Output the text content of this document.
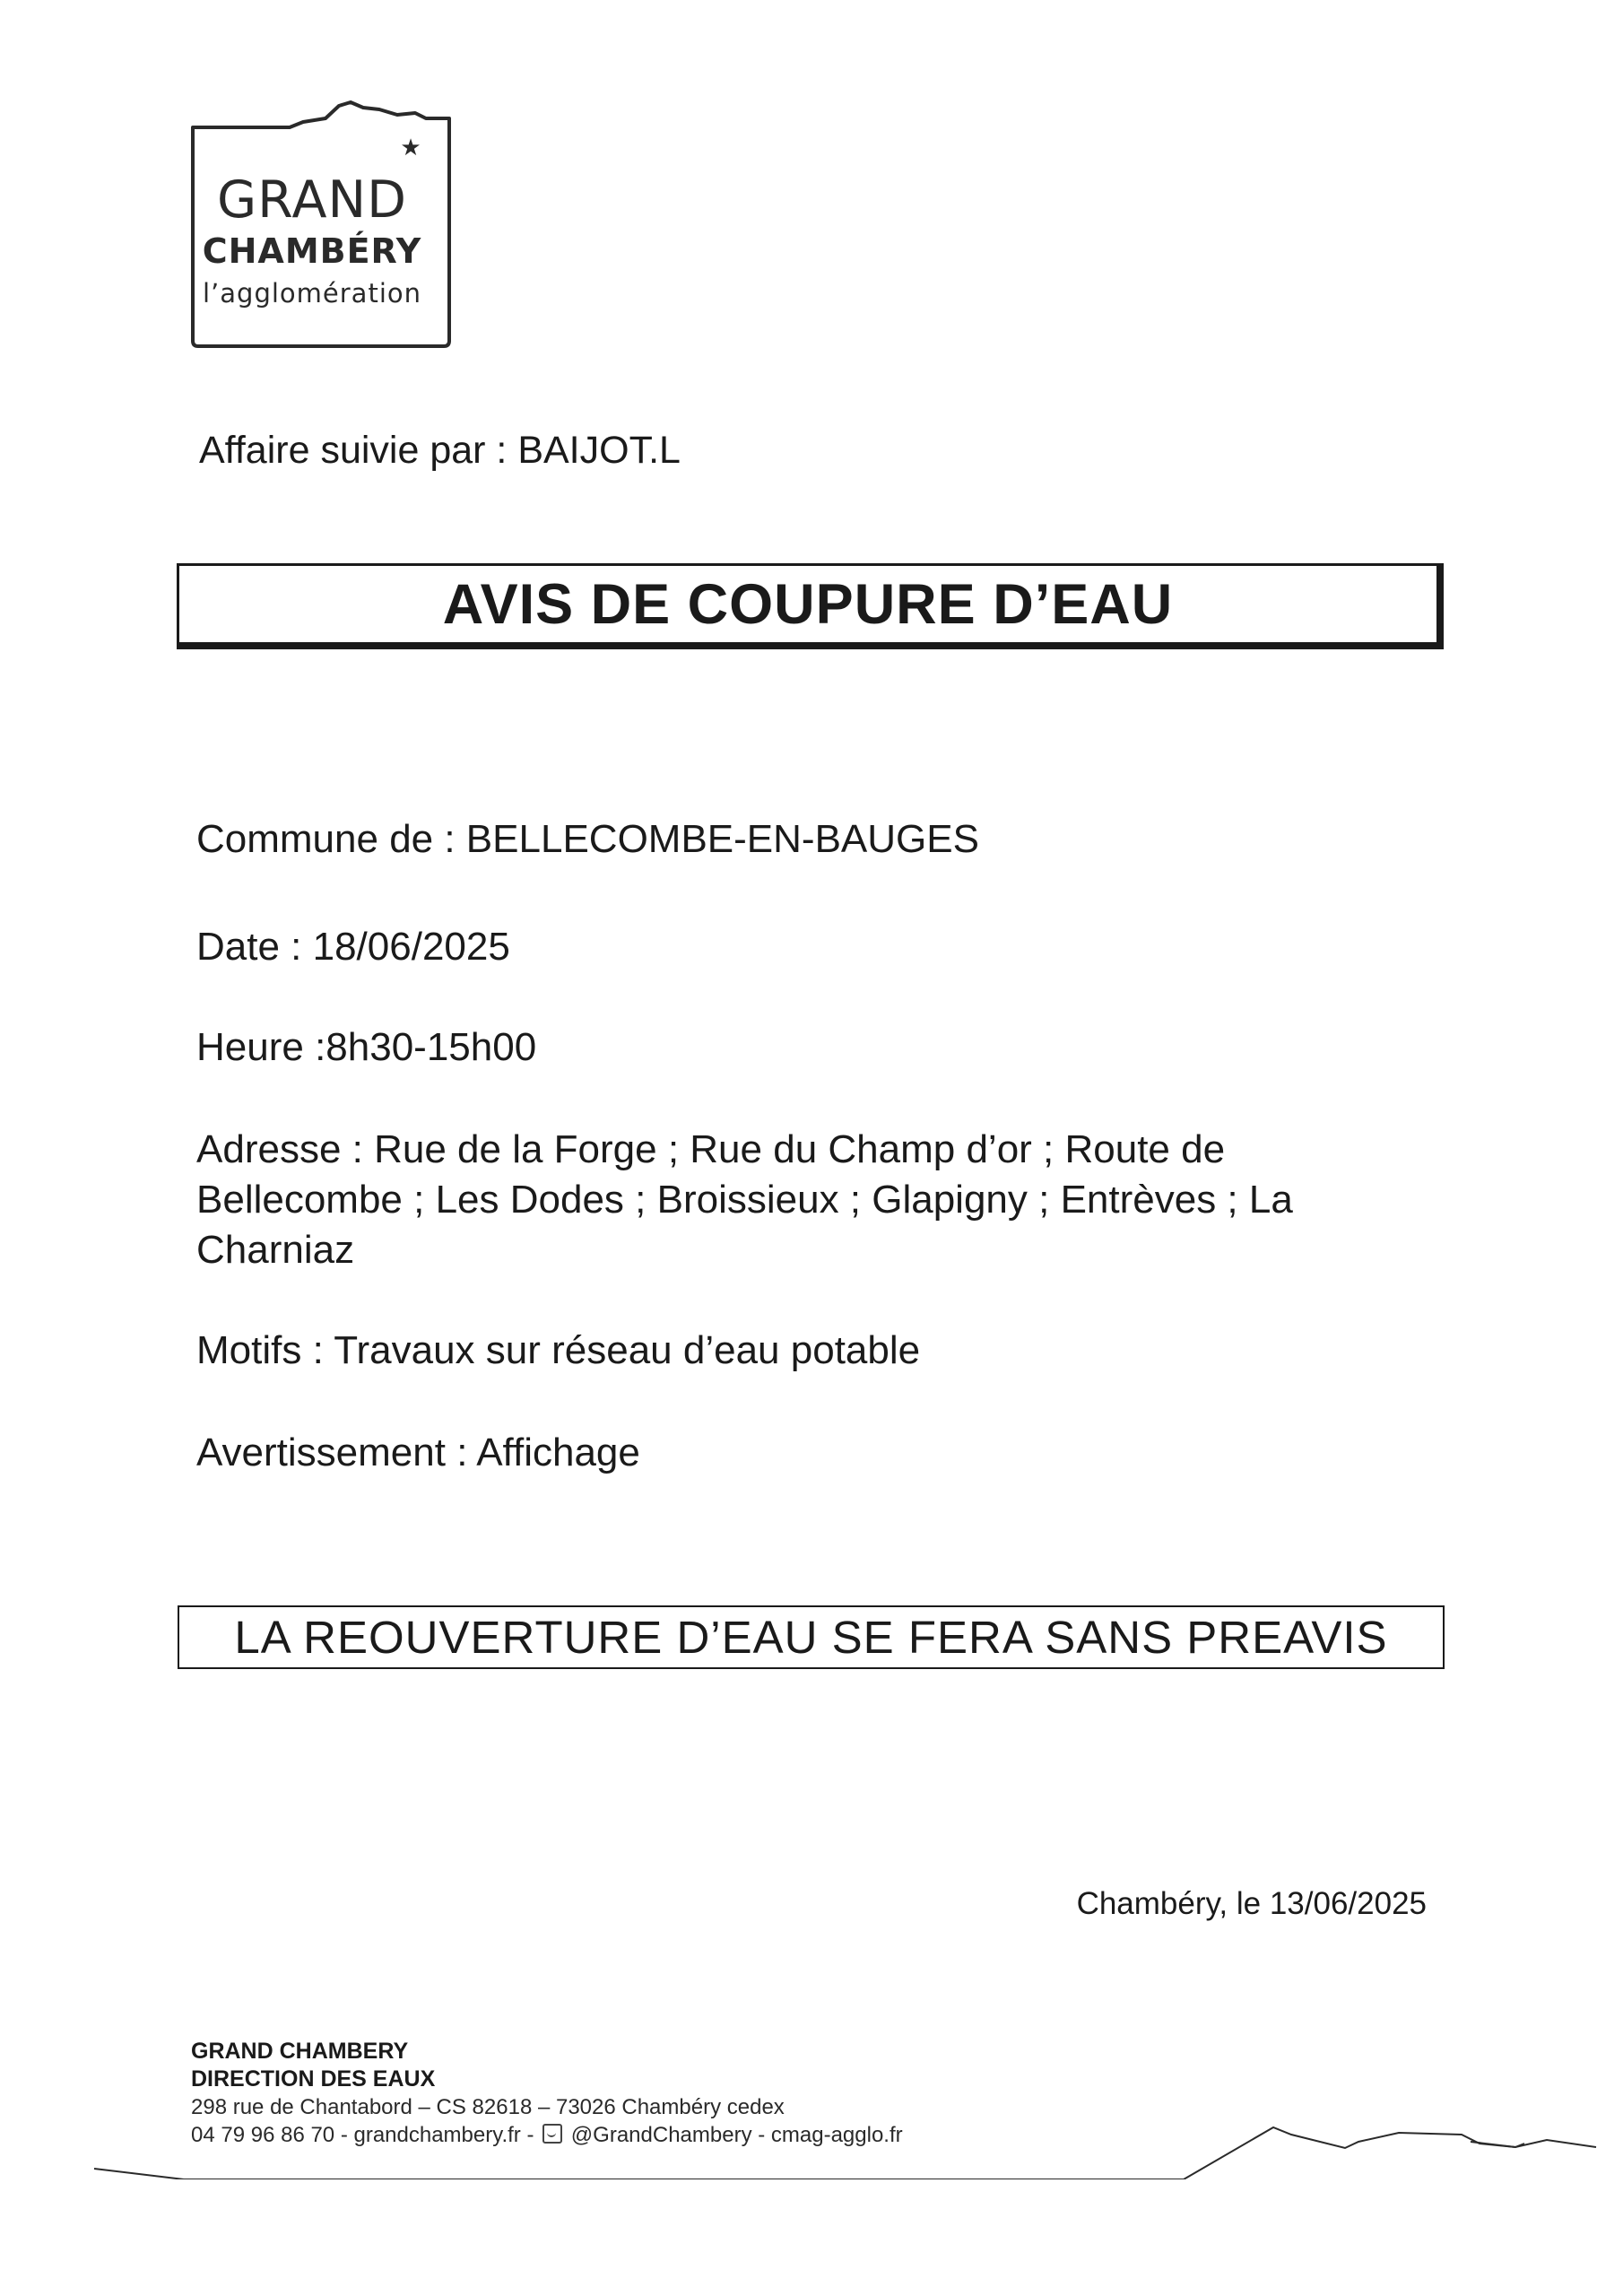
★
GRAND
CHAMBÉRY
l’agglomération
Affaire suivie par : BAIJOT.L
AVIS DE COUPURE D’EAU
Commune de : BELLECOMBE-EN-BAUGES
Date : 18/06/2025
Heure :8h30-15h00
Adresse : Rue de la Forge ; Rue du Champ d’or ; Route de
Bellecombe ; Les Dodes ; Broissieux ; Glapigny ; Entrèves ; La
Charniaz
Motifs : Travaux sur réseau d’eau potable
Avertissement : Affichage
LA REOUVERTURE D’EAU SE FERA SANS PREAVIS
Chambéry, le 13/06/2025
GRAND CHAMBERY
DIRECTION DES EAUX
298 rue de Chantabord – CS 82618 – 73026 Chambéry cedex
04 79 96 86 70 - grandchambery.fr - @GrandChambery - cmag-agglo.fr
